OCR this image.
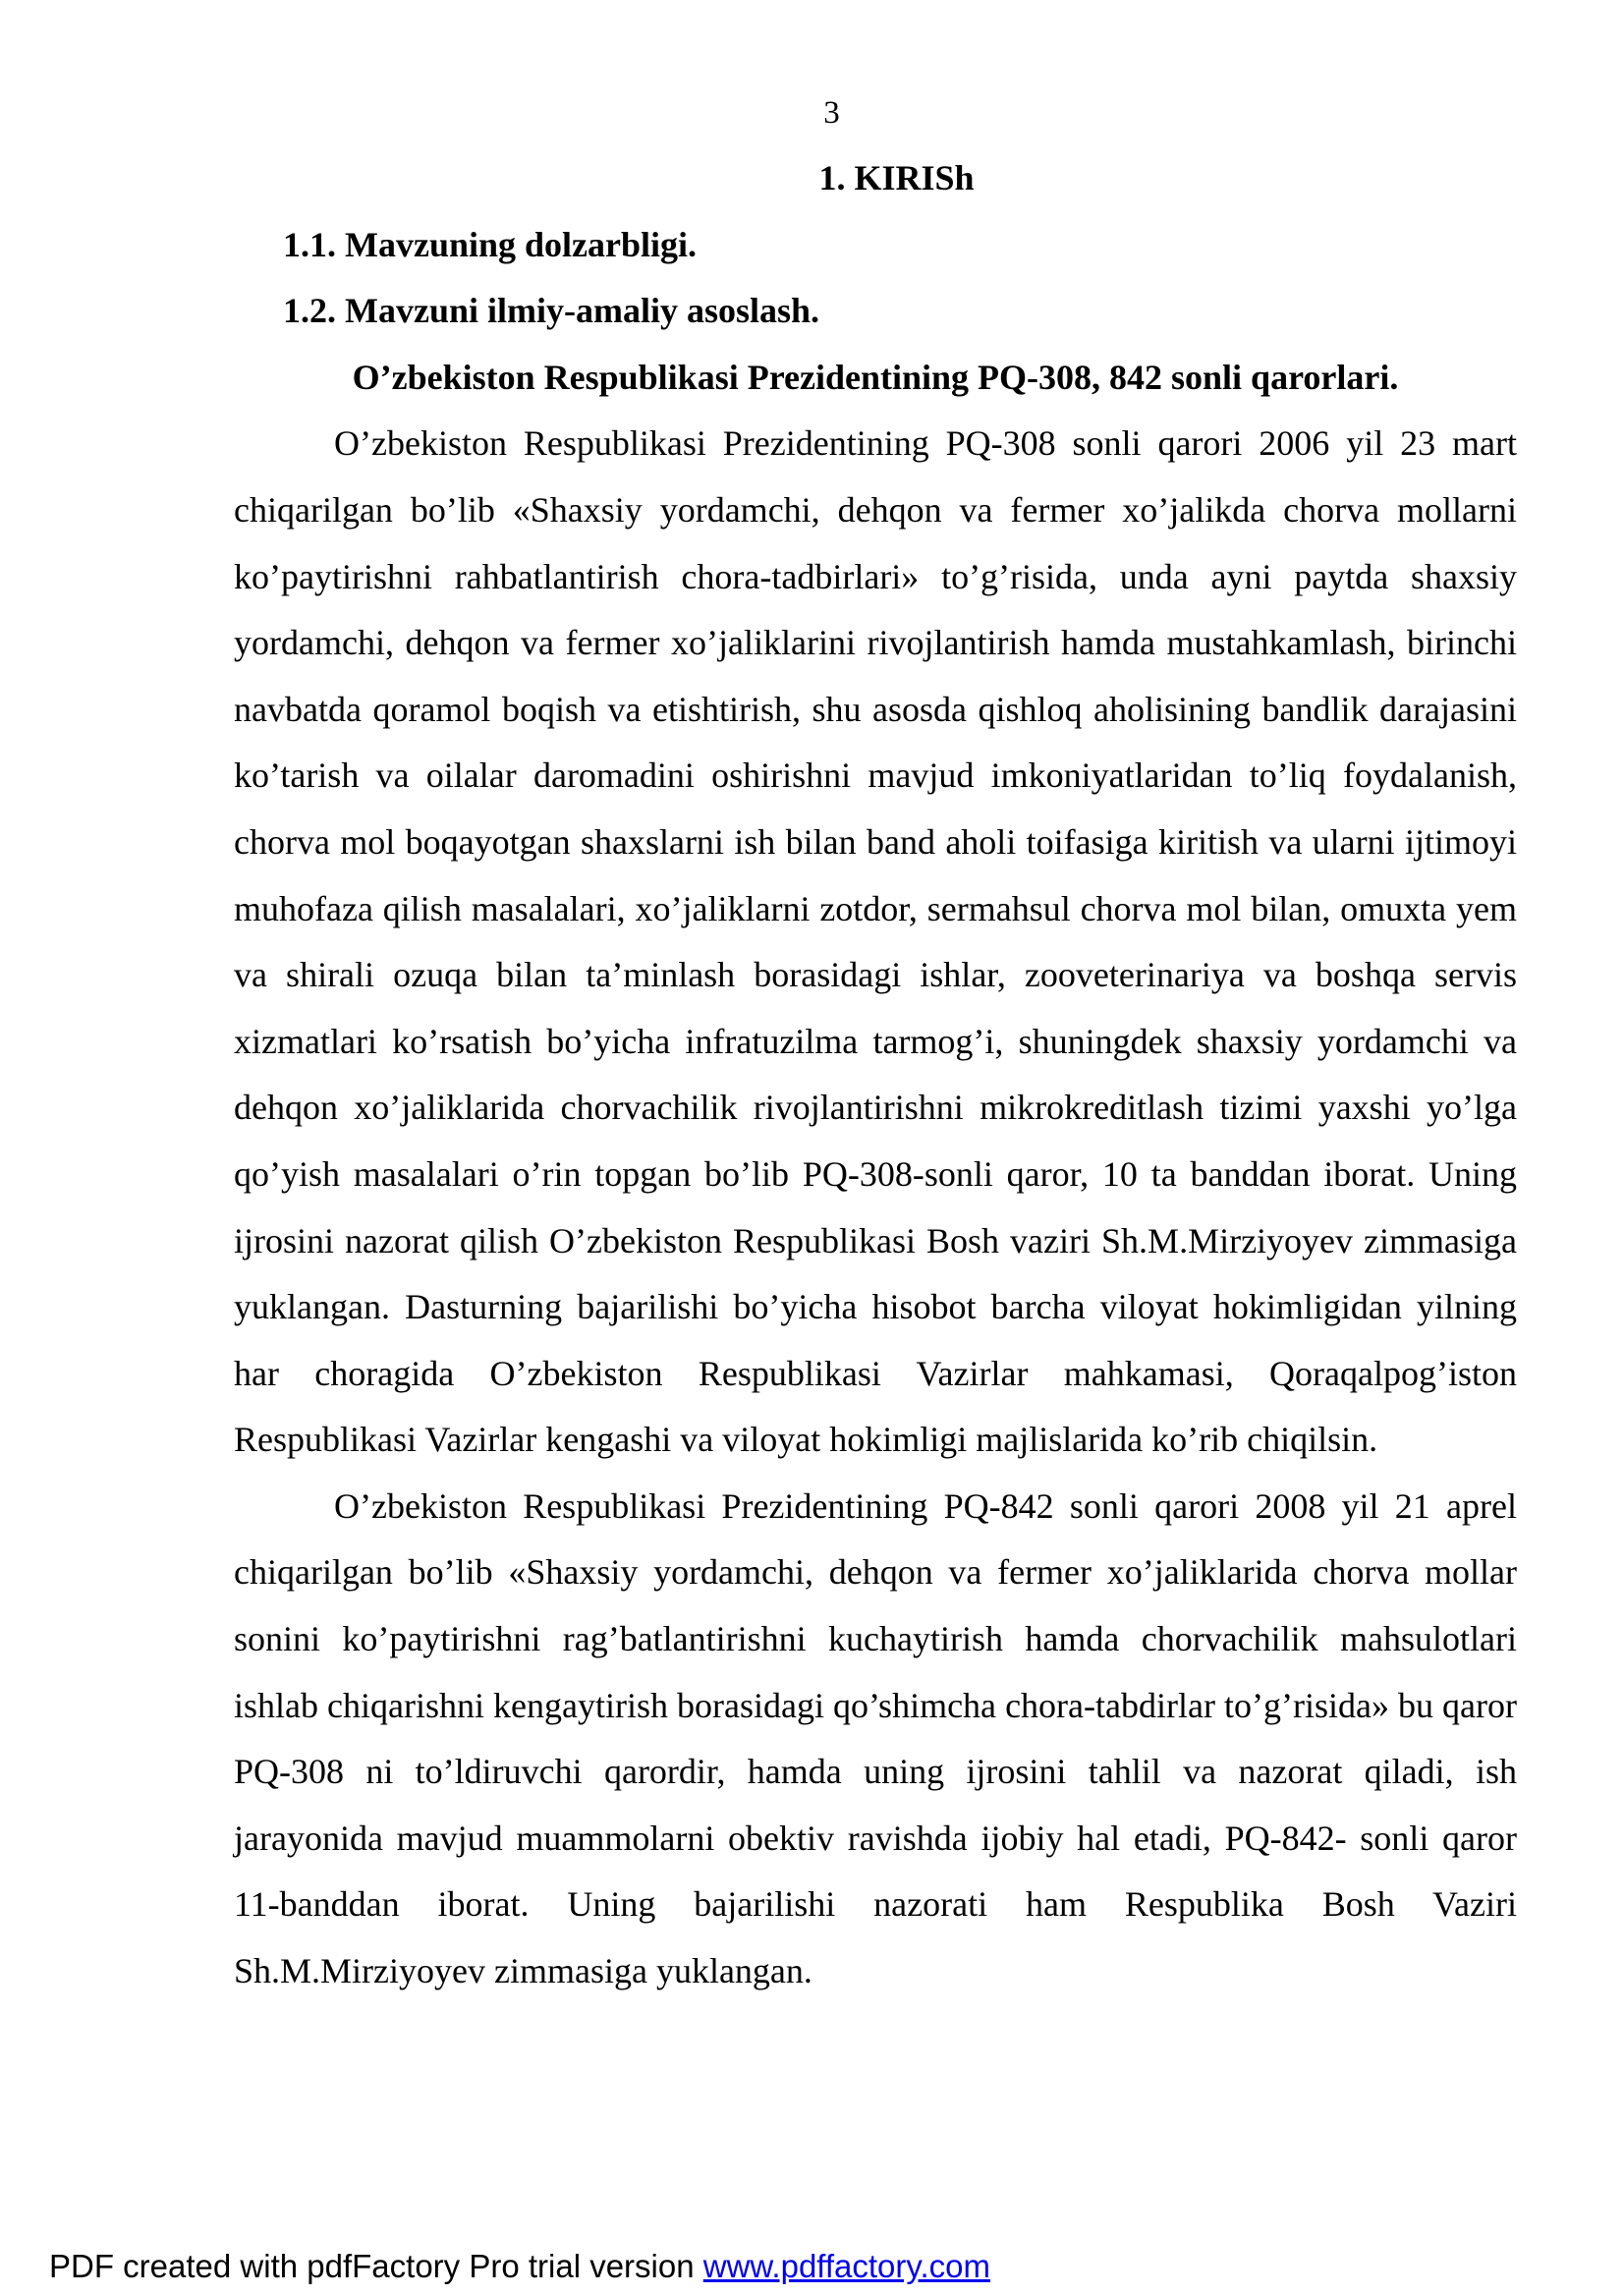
3

1. KIRISh

1.1. Mavzuning dolzarbligi.

1.2. Mavzuni ilmiy-amaliy asoslash.

O’zbekiston Respublikasi Prezidentining PQ-308, 842 sonli qarorlari.

O’zbekiston Respublikasi Prezidentining PQ-308 sonli qarori 2006 yil 23 mart chiqarilgan bo’lib «Shaxsiy yordamchi, dehqon va fermer xo’jalikda chorva mollarni ko’paytirishni rahbatlantirish chora-tadbirlari» to’g’risida, unda ayni paytda shaxsiy yordamchi, dehqon va fermer xo’jaliklarini rivojlantirish hamda mustahkamlash, birinchi navbatda qoramol boqish va etishtirish, shu asosda qishloq aholisining bandlik darajasini ko’tarish va oilalar daromadini oshirishni mavjud imkoniyatlaridan to’liq foydalanish, chorva mol boqayotgan shaxslarni ish bilan band aholi toifasiga kiritish va ularni ijtimoyi muhofaza qilish masalalari, xo’jaliklarni zotdor, sermahsul chorva mol bilan, omuxta yem va shirali ozuqa bilan ta’minlash borasidagi ishlar, zooveterinariya va boshqa servis xizmatlari ko’rsatish bo’yicha infratuzilma tarmog’i, shuningdek shaxsiy yordamchi va dehqon xo’jaliklarida chorvachilik rivojlantirishni mikrokreditlash tizimi yaxshi yo’lga qo’yish masalalari o’rin topgan bo’lib PQ-308-sonli qaror, 10 ta banddan iborat. Uning ijrosini nazorat qilish O’zbekiston Respublikasi Bosh vaziri Sh.M.Mirziyoyev zimmasiga yuklangan. Dasturning bajarilishi bo’yicha hisobot barcha viloyat hokimligidan yilning har choragida O’zbekiston Respublikasi Vazirlar mahkamasi, Qoraqalpog’iston Respublikasi Vazirlar kengashi va viloyat hokimligi majlislarida ko’rib chiqilsin.

O’zbekiston Respublikasi Prezidentining PQ-842 sonli qarori 2008 yil 21 aprel chiqarilgan bo’lib «Shaxsiy yordamchi, dehqon va fermer xo’jaliklarida chorva mollar sonini ko’paytirishni rag’batlantirishni kuchaytirish hamda chorvachilik mahsulotlari ishlab chiqarishni kengaytirish borasidagi qo’shimcha chora-tabdirlar to’g’risida» bu qaror PQ-308 ni to’ldiruvchi qarordir, hamda uning ijrosini tahlil va nazorat qiladi, ish jarayonida mavjud muammolarni obektiv ravishda ijobiy hal etadi, PQ-842- sonli qaror 11-banddan iborat. Uning bajarilishi nazorati ham Respublika Bosh Vaziri Sh.M.Mirziyoyev zimmasiga yuklangan.

PDF created with pdfFactory Pro trial version www.pdffactory.com
